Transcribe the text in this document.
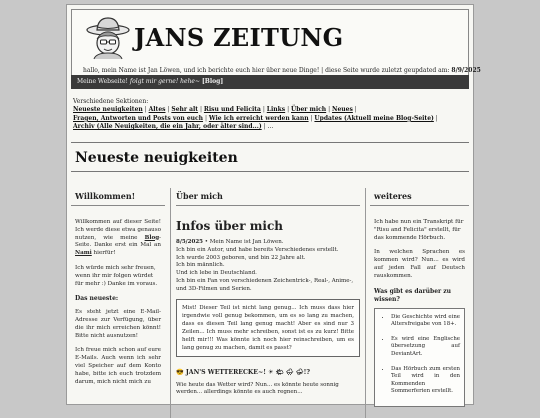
JANS ZEITUNG
hallo, mein Name ist Jan Löwen, und ich berichte euch hier über neue Dinge! | diese Seite wurde zuletzt geupdated am: 8/9/2025
Meine Webseite! folgt mir gerne! hehe~ [Blog]
Verschiedene Sektionen:
Neueste neuigkeiten | Altes | Sehr alt | Risu und Felicita | Links | Über mich | Neues |
Fragen, Antworten und Posts von euch | Wie ich erreicht werden kann | Updates (Aktuell meine Blog-Seite) |
Archiv (Alle Neuigkeiten, die ein Jahr, oder älter sind...) | ...
Neueste neuigkeiten
Willkommen!

Willkommen auf dieser Seite! Ich werde diese etwa genauso nutzen, wie meine Blog-Seite. Danke erst ein Mal an Nami hierfür!

Ich würde mich sehr freuen, wenn ihr mir folgen würdet für mehr :) Danke im voraus.

Das neueste:

Es steht jetzt eine E-Mail-Adresse zur Verfügung, über die ihr mich erreichen könnt! Bitte nicht ausnutzen!

Ich freue mich schon auf eure E-Mails. Auch wenn ich sehr viel Speicher auf dem Konto habe, bitte ich euch trotzdem darum, mich nicht mich zu

Über mich
Infos über mich
8/5/2025 • Mein Name ist Jan Löwen.
Ich bin ein Autor, und habe bereits Verschiedenes erstellt.
Ich wurde 2003 geboren, und bin 22 Jahre alt.
Ich bin männlich.
Und ich lebe in Deutschland.
Ich bin ein Fan von verschiedenen Zeichentrick-, Real-, Anime-, und 3D-Filmen und Serien.
Mist! Dieser Teil ist nicht lang genug... Ich muss dass hier irgendwie voll genug bekommen, um es so lang zu machen, dass es diesen Teil lang genug macht! Aber es sind nur 3 Zeilen... Ich muss mehr schreiben, sonst ist es zu kurz! Bitte helft mir!!! Was könnte ich noch hier reinschreiben, um es lang genug zu machen, damit es passt?
😎 JAN'S WETTERECKE~! ☀ 🌤 🌧 ⛈!?
Wie heute das Wetter wird? Nun... es könnte heute sonnig werden... allerdings könnte es auch regnen...
weiteres

Ich habe nun ein Transkript für "Risu and Felicita" erstellt, für das kommende Hörbuch.

In welchen Sprachen es kommen wird? Nun... es wird auf jeden Fall auf Deutsch rauskommen.

Was gibt es darüber zu wissen?
• Die Geschichte wird eine Altersfreigabe von 18+.
• Es wird eine Englische übersetzung auf DeviantArt.
• Das Hörbuch zum ersten Teil wird in den Kommenden Sommerferien erstellt.
